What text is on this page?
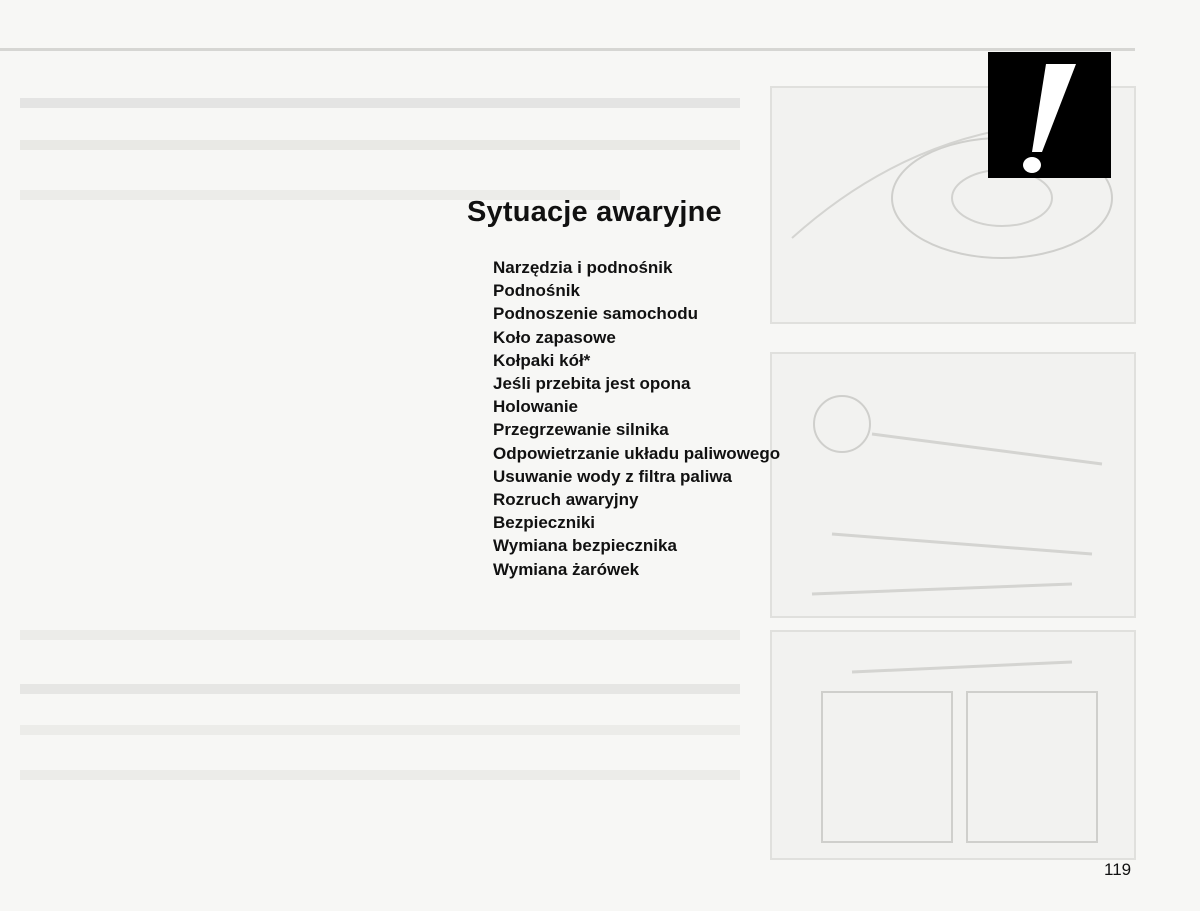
Sytuacje awaryjne
Narzędzia i podnośnik
Podnośnik
Podnoszenie samochodu
Koło zapasowe
Kołpaki kół*
Jeśli przebita jest opona
Holowanie
Przegrzewanie silnika
Odpowietrzanie układu paliwowego
Usuwanie wody z filtra paliwa
Rozruch awaryjny
Bezpieczniki
Wymiana bezpiecznika
Wymiana żarówek
119
